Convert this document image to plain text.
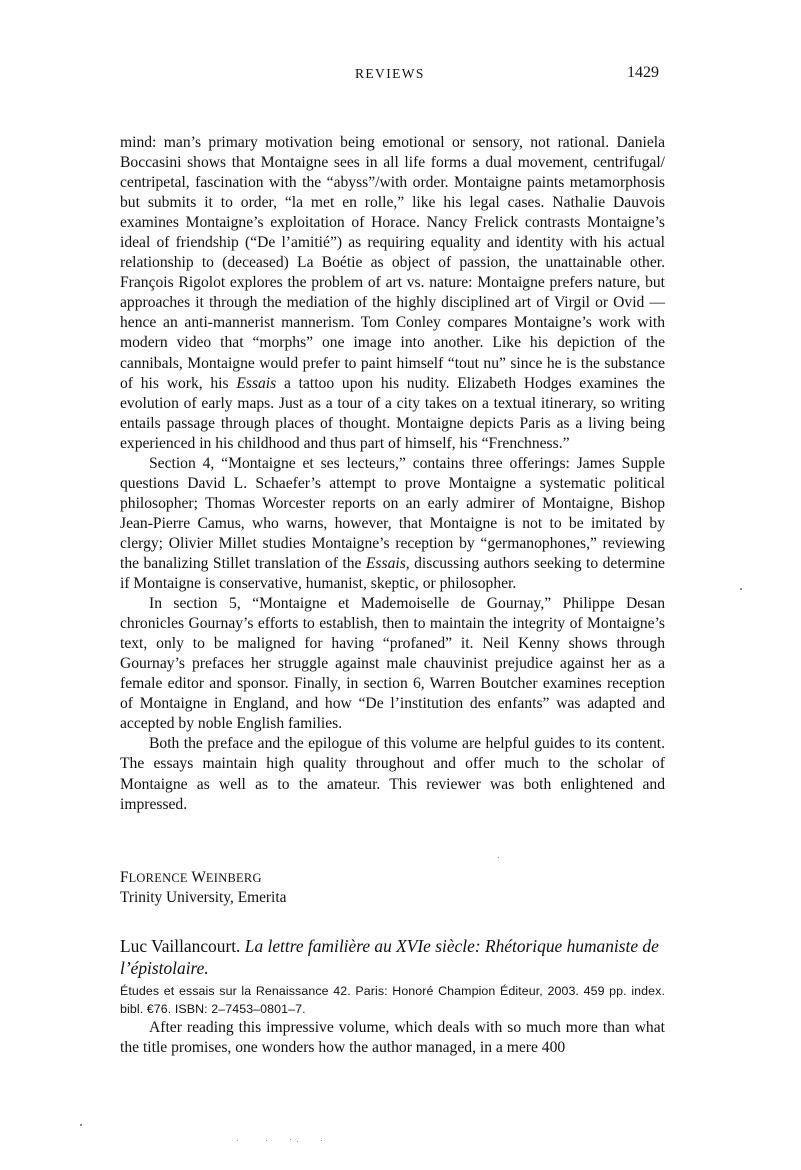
REVIEWS	1429

mind: man’s primary motivation being emotional or sensory, not rational. Daniela Boccasini shows that Montaigne sees in all life forms a dual movement, centrifugal/ centripetal, fascination with the “abyss”/with order. Montaigne paints metamorphosis but submits it to order, “la met en rolle,” like his legal cases. Nathalie Dauvois examines Montaigne’s exploitation of Horace. Nancy Frelick contrasts Montaigne’s ideal of friendship (“De l’amitié”) as requiring equality and identity with his actual relationship to (deceased) La Boétie as object of passion, the unattainable other. François Rigolot explores the problem of art vs. nature: Montaigne prefers nature, but approaches it through the mediation of the highly disciplined art of Virgil or Ovid — hence an anti-mannerist mannerism. Tom Conley compares Montaigne’s work with modern video that “morphs” one image into another. Like his depiction of the cannibals, Montaigne would prefer to paint himself “tout nu” since he is the substance of his work, his Essais a tattoo upon his nudity. Elizabeth Hodges examines the evolution of early maps. Just as a tour of a city takes on a textual itinerary, so writing entails passage through places of thought. Montaigne depicts Paris as a living being experienced in his childhood and thus part of himself, his “Frenchness.”

Section 4, “Montaigne et ses lecteurs,” contains three offerings: James Supple questions David L. Schaefer’s attempt to prove Montaigne a systematic political philosopher; Thomas Worcester reports on an early admirer of Montaigne, Bishop Jean-Pierre Camus, who warns, however, that Montaigne is not to be imitated by clergy; Olivier Millet studies Montaigne’s reception by “germanophones,” reviewing the banalizing Stillet translation of the Essais, discussing authors seeking to determine if Montaigne is conservative, humanist, skeptic, or philosopher.

In section 5, “Montaigne et Mademoiselle de Gournay,” Philippe Desan chronicles Gournay’s efforts to establish, then to maintain the integrity of Montaigne’s text, only to be maligned for having “profaned” it. Neil Kenny shows through Gournay’s prefaces her struggle against male chauvinist prejudice against her as a female editor and sponsor. Finally, in section 6, Warren Boutcher examines reception of Montaigne in England, and how “De l’institution des enfants” was adapted and accepted by noble English families.

Both the preface and the epilogue of this volume are helpful guides to its content. The essays maintain high quality throughout and offer much to the scholar of Montaigne as well as to the amateur. This reviewer was both enlightened and impressed.

FLORENCE WEINBERG
Trinity University, Emerita
Luc Vaillancourt. La lettre familière au XVIe siècle: Rhétorique humaniste de l’épistolaire.
Études et essais sur la Renaissance 42. Paris: Honoré Champion Éditeur, 2003. 459 pp. index. bibl. €76. ISBN: 2–7453–0801–7.

After reading this impressive volume, which deals with so much more than what the title promises, one wonders how the author managed, in a mere 400
